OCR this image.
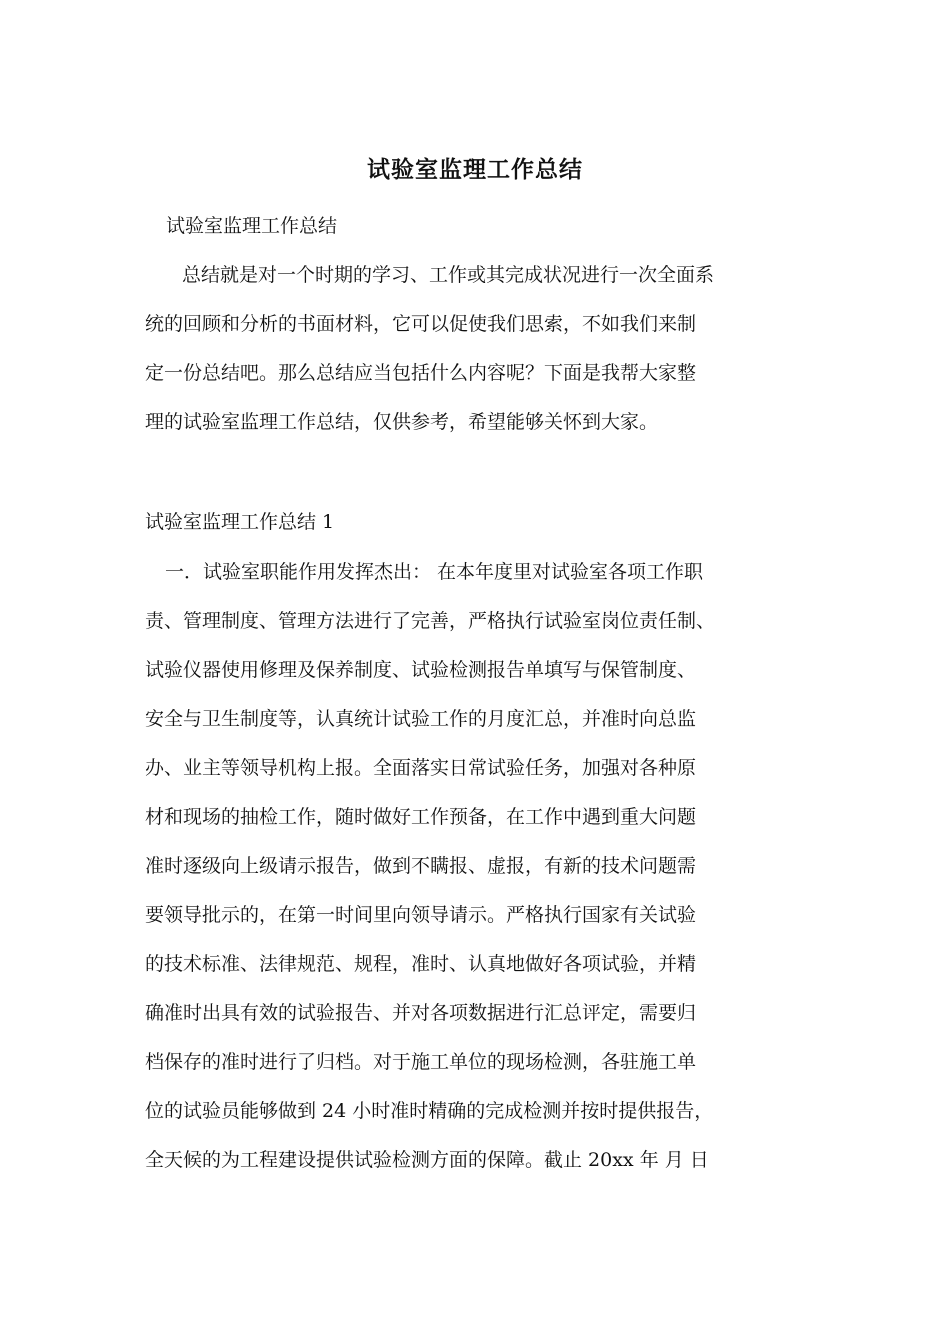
试验室监理工作总结
试验室监理工作总结
总结就是对一个时期的学习、工作或其完成状况进行一次全面系
统的回顾和分析的书面材料，它可以促使我们思索，不如我们来制
定一份总结吧。那么总结应当包括什么内容呢？下面是我帮大家整
理的试验室监理工作总结，仅供参考，希望能够关怀到大家。
试验室监理工作总结 1
一．试验室职能作用发挥杰出： 在本年度里对试验室各项工作职
责、管理制度、管理方法进行了完善，严格执行试验室岗位责任制、
试验仪器使用修理及保养制度、试验检测报告单填写与保管制度、
安全与卫生制度等，认真统计试验工作的月度汇总，并准时向总监
办、业主等领导机构上报。全面落实日常试验任务，加强对各种原
材和现场的抽检工作，随时做好工作预备，在工作中遇到重大问题
准时逐级向上级请示报告，做到不瞒报、虚报，有新的技术问题需
要领导批示的，在第一时间里向领导请示。严格执行国家有关试验
的技术标准、法律规范、规程，准时、认真地做好各项试验，并精
确准时出具有效的试验报告、并对各项数据进行汇总评定，需要归
档保存的准时进行了归档。对于施工单位的现场检测，各驻施工单
位的试验员能够做到 24 小时准时精确的完成检测并按时提供报告，
全天候的为工程建设提供试验检测方面的保障。截止 20xx 年 月 日
